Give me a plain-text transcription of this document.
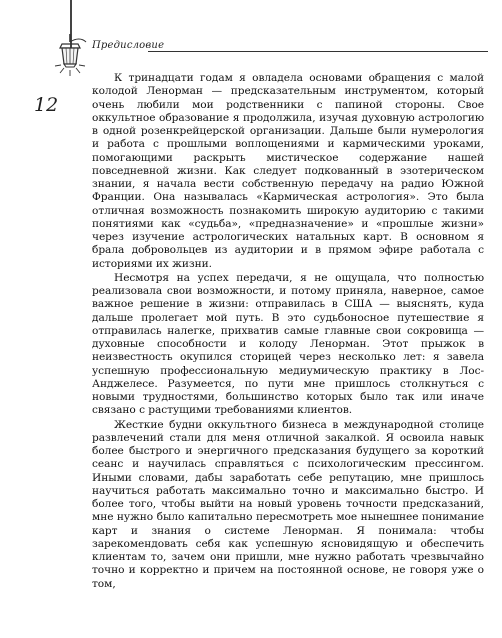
Предисловие
12

К тринадцати годам я овладела основами обращения с малой колодой Ленорман — предсказательным инструментом, который очень любили мои родственники с папиной стороны. Свое оккультное образование я продолжила, изучая духовную астрологию в одной розенкрейцерской организации. Дальше были нумерология и работа с прошлыми воплощениями и кармическими уроками, помогающими раскрыть мистическое содержание нашей повседневной жизни. Как следует подкованный в эзотерическом знании, я начала вести собственную передачу на радио Южной Франции. Она называлась «Кармическая астрология». Это была отличная возможность познакомить широкую аудиторию с такими понятиями как «судьба», «предназначение» и «прошлые жизни» через изучение астрологических натальных карт. В основном я брала добровольцев из аудитории и в прямом эфире работала с историями их жизни.

Несмотря на успех передачи, я не ощущала, что полностью реализовала свои возможности, и потому приняла, наверное, самое важное решение в жизни: отправилась в США — выяснять, куда дальше пролегает мой путь. В это судьбоносное путешествие я отправилась налегке, прихватив самые главные свои сокровища — духовные способности и колоду Ленорман. Этот прыжок в неизвестность окупился сторицей через несколько лет: я завела успешную профессиональную медиумическую практику в Лос-Анджелесе. Разумеется, по пути мне пришлось столкнуться с новыми трудностями, большинство которых было так или иначе связано с растущими требованиями клиентов.

Жесткие будни оккультного бизнеса в международной столице развлечений стали для меня отличной закалкой. Я освоила навык более быстрого и энергичного предсказания будущего за короткий сеанс и научилась справляться с психологическим прессингом. Иными словами, дабы заработать себе репутацию, мне пришлось научиться работать максимально точно и максимально быстро. И более того, чтобы выйти на новый уровень точности предсказаний, мне нужно было капитально пересмотреть мое нынешнее понимание карт и знания о системе Ленорман. Я понимала: чтобы зарекомендовать себя как успешную ясновидящую и обеспечить клиентам то, зачем они пришли, мне нужно работать чрезвычайно точно и корректно и причем на постоянной основе, не говоря уже о том,
